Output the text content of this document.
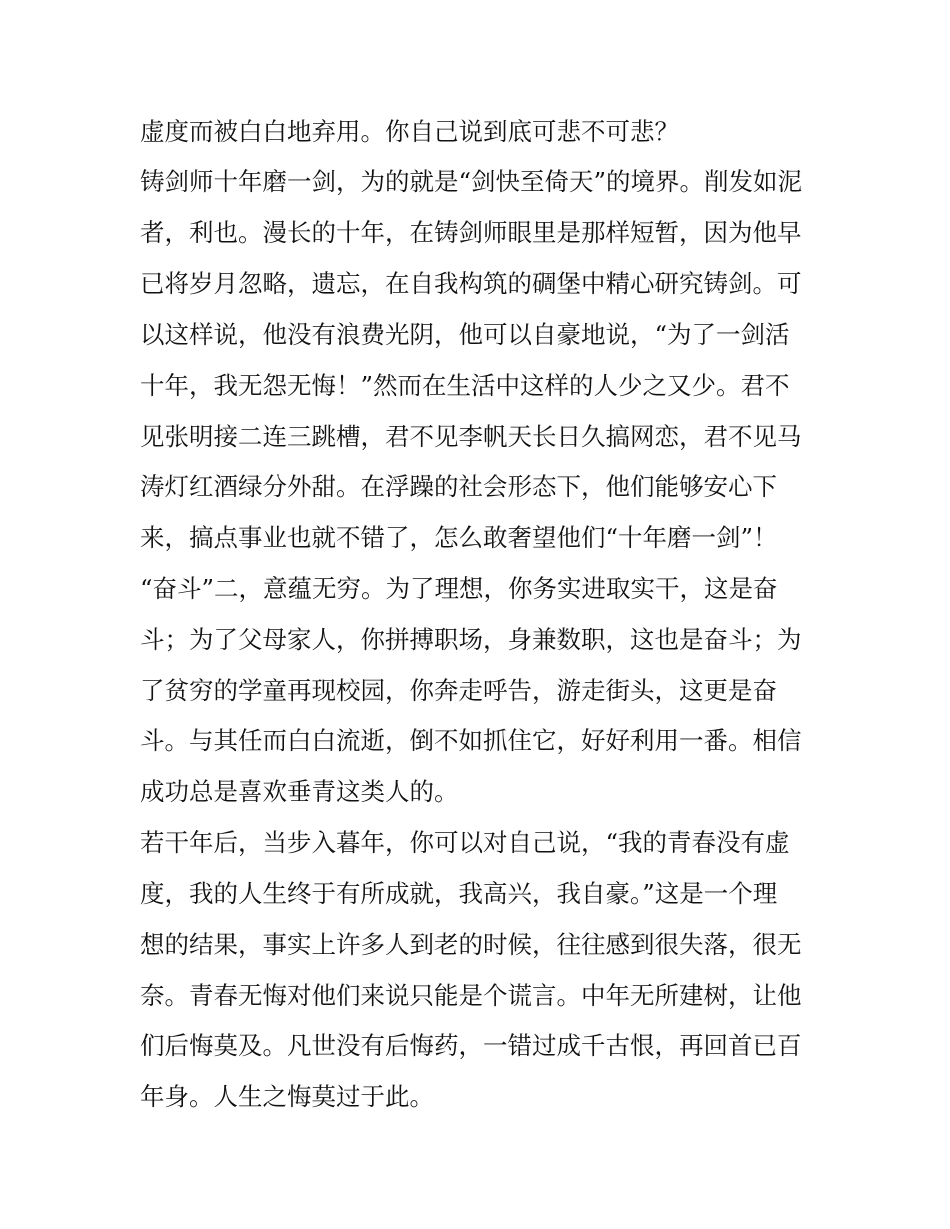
虚度而被白白地弃用。你自己说到底可悲不可悲？
铸剑师十年磨一剑，为的就是“剑快至倚天”的境界。削发如泥
者，利也。漫长的十年，在铸剑师眼里是那样短暂，因为他早
已将岁月忽略，遗忘，在自我构筑的碉堡中精心研究铸剑。可
以这样说，他没有浪费光阴，他可以自豪地说，“为了一剑活
十年，我无怨无悔！”然而在生活中这样的人少之又少。君不
见张明接二连三跳槽，君不见李帆天长日久搞网恋，君不见马
涛灯红酒绿分外甜。在浮躁的社会形态下，他们能够安心下
来，搞点事业也就不错了，怎么敢奢望他们“十年磨一剑”！
“奋斗”二，意蕴无穷。为了理想，你务实进取实干，这是奋
斗；为了父母家人，你拼搏职场，身兼数职，这也是奋斗；为
了贫穷的学童再现校园，你奔走呼告，游走街头，这更是奋
斗。与其任而白白流逝，倒不如抓住它，好好利用一番。相信
成功总是喜欢垂青这类人的。
若干年后，当步入暮年，你可以对自己说，“我的青春没有虚
度，我的人生终于有所成就，我高兴，我自豪。”这是一个理
想的结果，事实上许多人到老的时候，往往感到很失落，很无
奈。青春无悔对他们来说只能是个谎言。中年无所建树，让他
们后悔莫及。凡世没有后悔药，一错过成千古恨，再回首已百
年身。人生之悔莫过于此。
